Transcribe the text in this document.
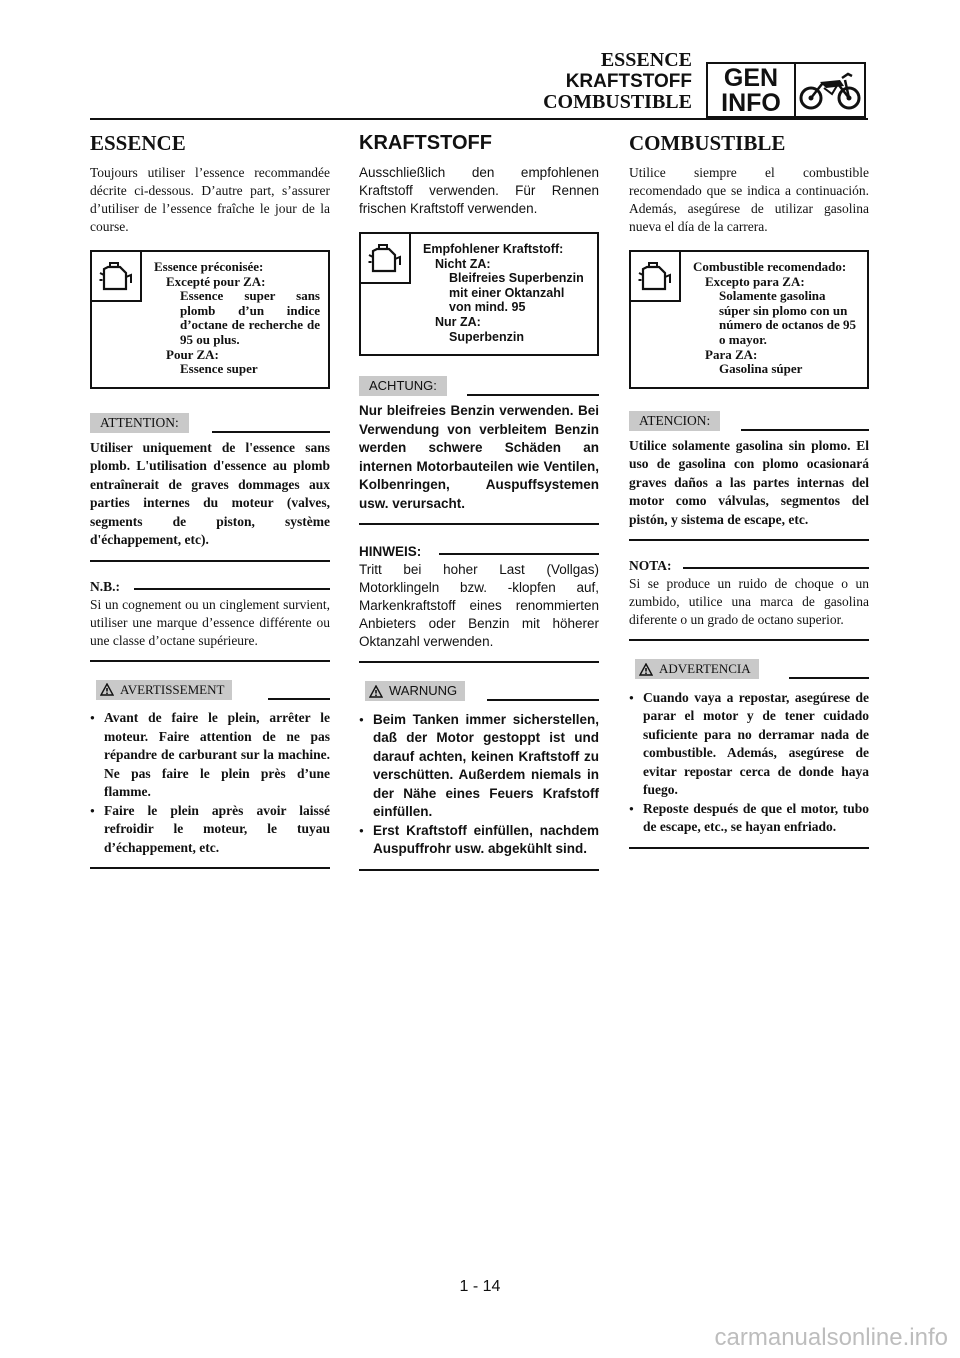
ESSENCE
KRAFTSTOFF
COMBUSTIBLE
GEN
INFO
ESSENCE

Toujours utiliser l’essence recommandée décrite ci-dessous. D’autre part, s’assurer d’utiliser de l’essence fraîche le jour de la course.

Essence préconisée:
Excepté pour ZA:
Essence super sans plomb d’un indice d’octane de recherche de 95 ou plus.
Pour ZA:
Essence super
ATTENTION:
Utiliser uniquement de l'essence sans plomb. L'utilisation d'essence au plomb entraînerait de graves dommages aux parties internes du moteur (valves, segments de piston, système d'échappement, etc).
N.B.:
Si un cognement ou un cinglement survient, utiliser une marque d’essence différente ou une classe d’octane supérieure.
AVERTISSEMENT
● Avant de faire le plein, arrêter le moteur. Faire attention de ne pas répandre de carburant sur la machine. Ne pas faire le plein près d’une flamme.
● Faire le plein après avoir laissé refroidir le moteur, le tuyau d’échappement, etc.
KRAFTSTOFF

Ausschließlich den empfohlenen Kraftstoff verwenden. Für Rennen frischen Kraftstoff verwenden.

Empfohlener Kraftstoff:
Nicht ZA:
Bleifreies Superbenzin mit einer Oktanzahl von mind. 95
Nur ZA:
Superbenzin
ACHTUNG:
Nur bleifreies Benzin verwenden. Bei Verwendung von verbleitem Benzin werden schwere Schäden an internen Motorbauteilen wie Ventilen, Kolbenringen, Auspuffsystemen usw. verursacht.
HINWEIS:
Tritt bei hoher Last (Vollgas) Motorklingeln bzw. -klopfen auf, Markenkraftstoff eines renommierten Anbieters oder Benzin mit höherer Oktanzahl verwenden.
WARNUNG
● Beim Tanken immer sicherstellen, daß der Motor gestoppt ist und darauf achten, keinen Kraftstoff zu verschütten. Außerdem niemals in der Nähe eines Feuers Krafstoff einfüllen.
● Erst Kraftstoff einfüllen, nachdem Auspuffrohr usw. abgekühlt sind.
COMBUSTIBLE

Utilice siempre el combustible recomendado que se indica a continuación. Además, asegúrese de utilizar gasolina nueva el día de la carrera.

Combustible recomendado:
Excepto para ZA:
Solamente gasolina súper sin plomo con un número de octanos de 95 o mayor.
Para ZA:
Gasolina súper
ATENCION:
Utilice solamente gasolina sin plomo. El uso de gasolina con plomo ocasionará graves daños a las partes internas del motor como válvulas, segmentos del pistón, y sistema de escape, etc.
NOTA:
Si se produce un ruido de choque o un zumbido, utilice una marca de gasolina diferente o un grado de octano superior.
ADVERTENCIA
● Cuando vaya a repostar, asegúrese de parar el motor y de tener cuidado suficiente para no derramar nada de combustible. Además, asegúrese de evitar repostar cerca de donde haya fuego.
● Reposte después de que el motor, tubo de escape, etc., se hayan enfriado.
1 - 14
carmanualsonline.info
